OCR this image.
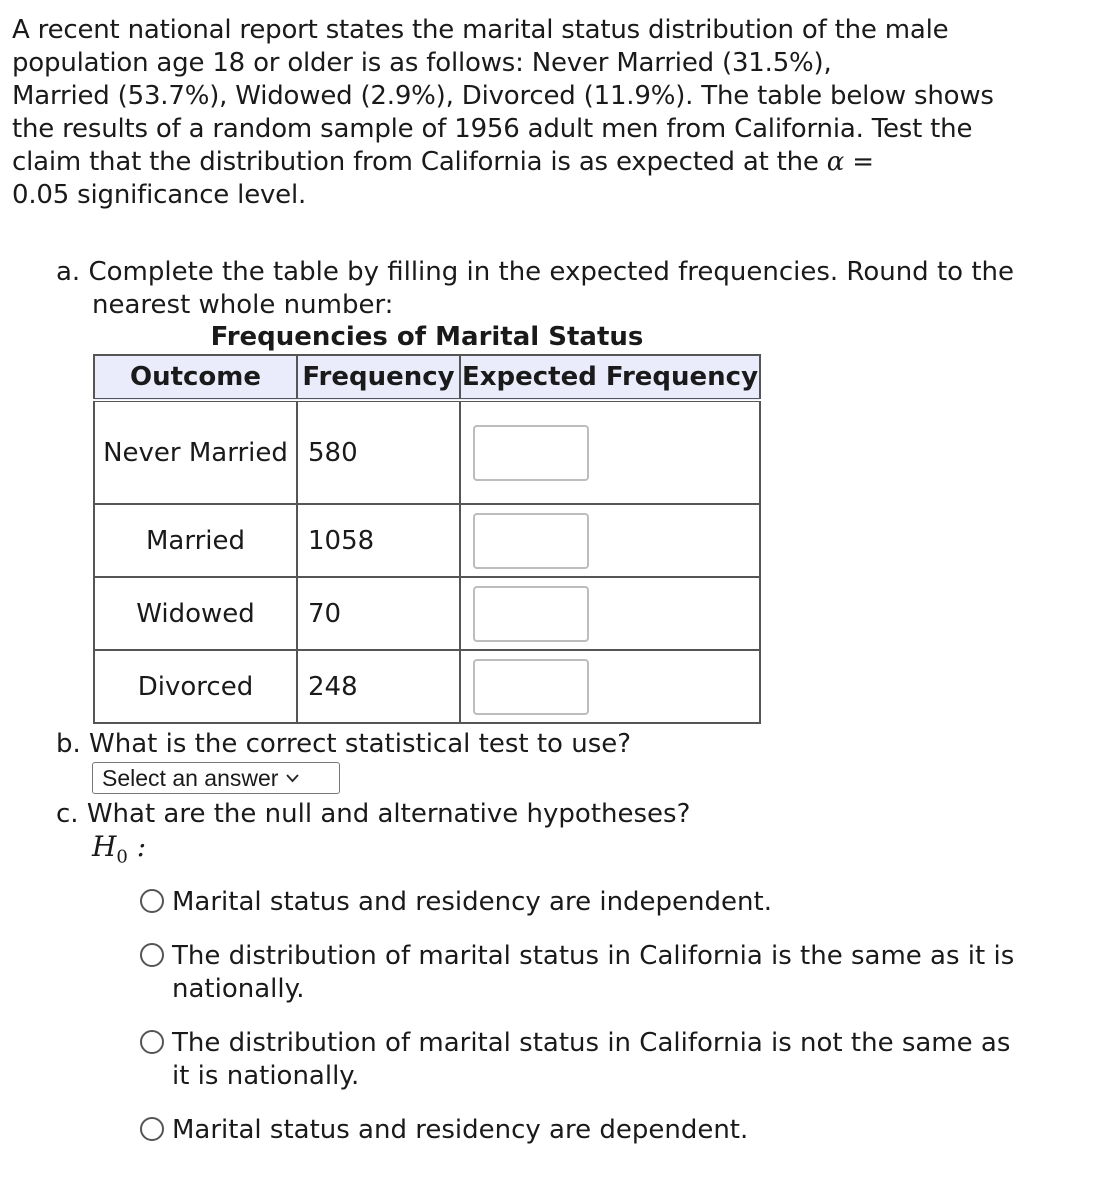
A recent national report states the marital status distribution of the male
population age 18 or older is as follows: Never Married (31.5%),
Married (53.7%), Widowed (2.9%), Divorced (11.9%). The table below shows
the results of a random sample of 1956 adult men from California. Test the
claim that the distribution from California is as expected at the α =
0.05 significance level.
a. Complete the table by filling in the expected frequencies. Round to the
nearest whole number:
Frequencies of Marital Status
Outcome	Frequency	Expected Frequency
Never Married	580	

Married	1058	

Widowed	70	

Divorced	248	
b. What is the correct statistical test to use?
Select an answer
c. What are the null and alternative hypotheses?
$H_0$ :
Marital status and residency are independent.
The distribution of marital status in California is the same as it is
nationally.
The distribution of marital status in California is not the same as
it is nationally.
Marital status and residency are dependent.
